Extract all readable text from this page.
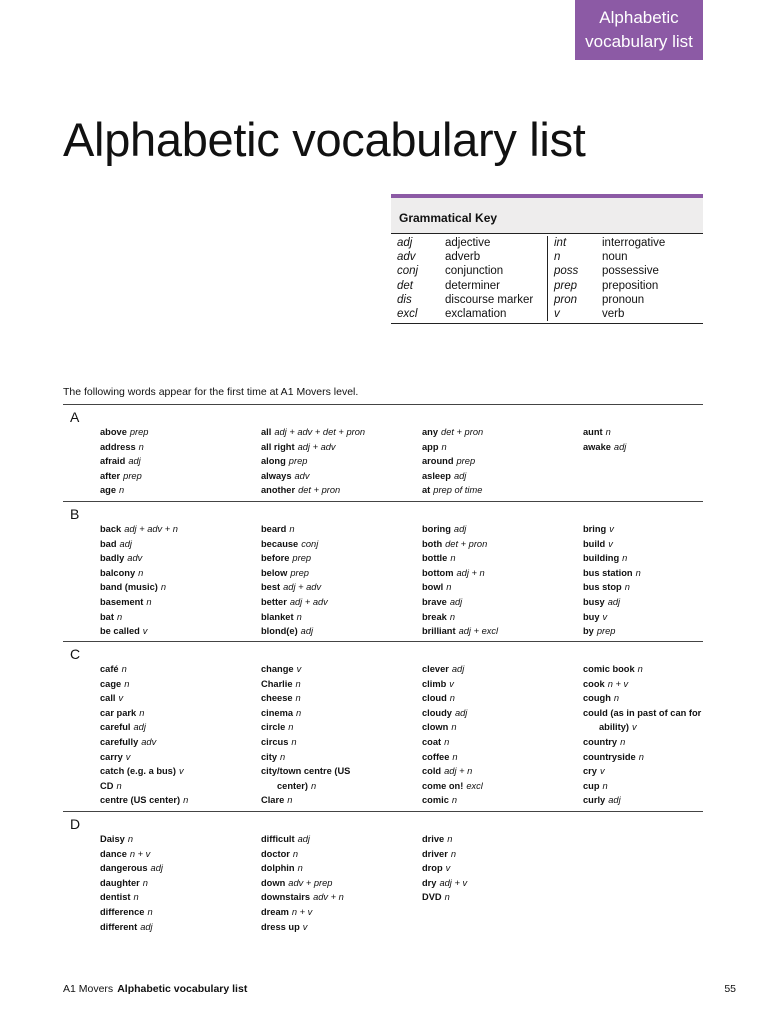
Alphabetic
vocabulary list
Alphabetic vocabulary list
Grammatical Key
adj	adjective
adv	adverb
conj	conjunction
det	determiner
dis	discourse marker
excl	exclamation
int	interrogative
n	noun
poss	possessive
prep	preposition
pron	pronoun
v	verb

The following words appear for the first time at A1 Movers level.

A
above prep
address n
afraid adj
after prep
age n
all adj + adv + det + pron
all right adj + adv
along prep
always adv
another det + pron
any det + pron
app n
around prep
asleep adj
at prep of time
aunt n
awake adj
B
back adj + adv + n
bad adj
badly adv
balcony n
band (music) n
basement n
bat n
be called v
beard n
because conj
before prep
below prep
best adj + adv
better adj + adv
blanket n
blond(e) adj
boring adj
both det + pron
bottle n
bottom adj + n
bowl n
brave adj
break n
brilliant adj + excl
bring v
build v
building n
bus station n
bus stop n
busy adj
buy v
by prep
C
café n
cage n
call v
car park n
careful adj
carefully adv
carry v
catch (e.g. a bus) v
CD n
centre (US center) n
change v
Charlie n
cheese n
cinema n
circle n
circus n
city n
city/town centre (US
center) n
Clare n
clever adj
climb v
cloud n
cloudy adj
clown n
coat n
coffee n
cold adj + n
come on! excl
comic n
comic book n
cook n + v
cough n
could (as in past of can for
ability) v
country n
countryside n
cry v
cup n
curly adj
D
Daisy n
dance n + v
dangerous adj
daughter n
dentist n
difference n
different adj
difficult adj
doctor n
dolphin n
down adv + prep
downstairs adv + n
dream n + v
dress up v
drive n
driver n
drop v
dry adj + v
DVD n
A1 Movers Alphabetic vocabulary list	55
